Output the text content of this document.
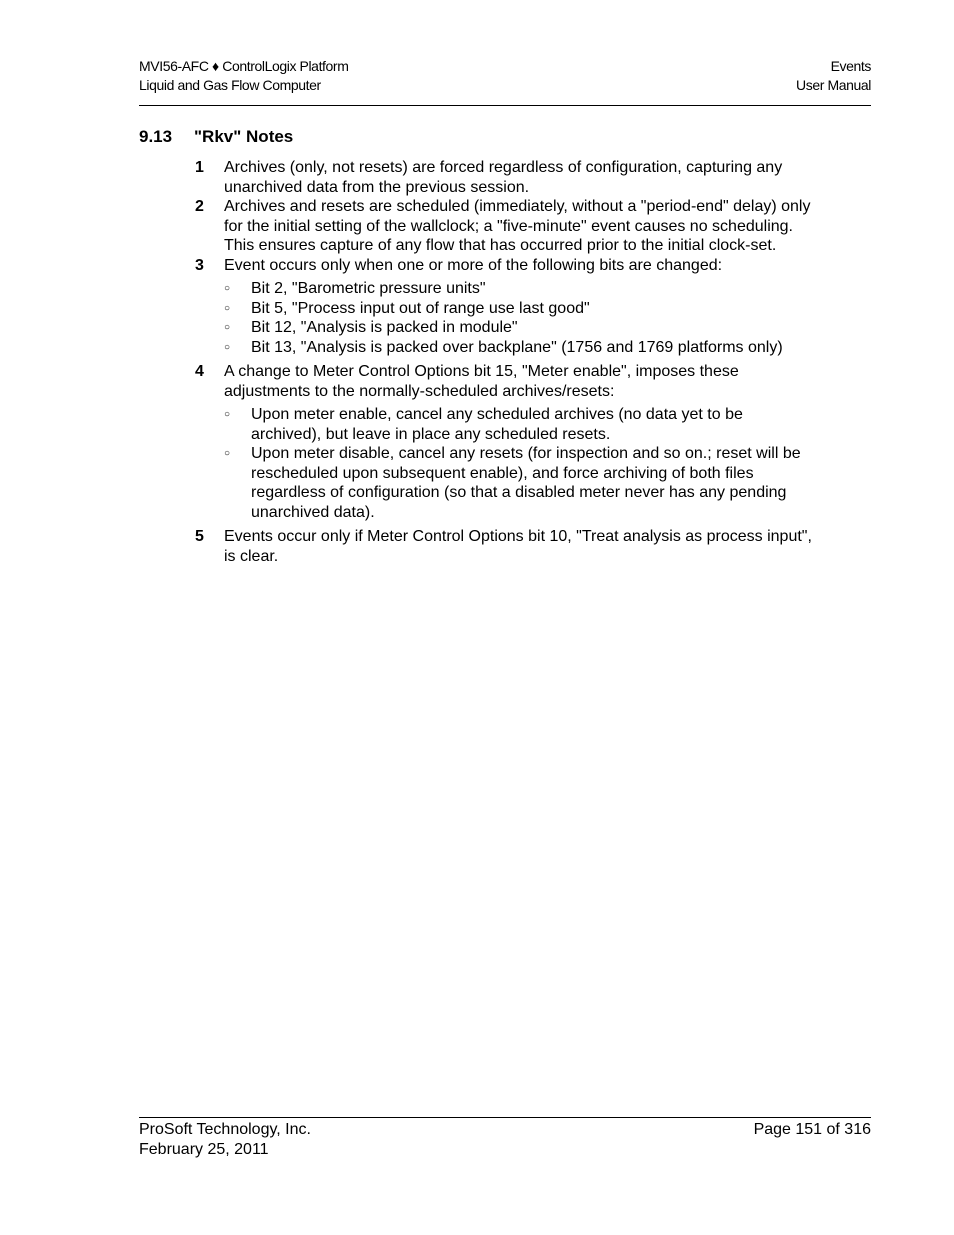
MVI56-AFC ♦ ControlLogix Platform
Liquid and Gas Flow Computer
Events
User Manual
9.13 "Rkv" Notes
1 Archives (only, not resets) are forced regardless of configuration, capturing any unarchived data from the previous session.
2 Archives and resets are scheduled (immediately, without a "period-end" delay) only for the initial setting of the wallclock; a "five-minute" event causes no scheduling. This ensures capture of any flow that has occurred prior to the initial clock-set.
3 Event occurs only when one or more of the following bits are changed:
○ Bit 2, "Barometric pressure units"
○ Bit 5, "Process input out of range use last good"
○ Bit 12, "Analysis is packed in module"
○ Bit 13, "Analysis is packed over backplane" (1756 and 1769 platforms only)
4 A change to Meter Control Options bit 15, "Meter enable", imposes these adjustments to the normally-scheduled archives/resets:
○ Upon meter enable, cancel any scheduled archives (no data yet to be archived), but leave in place any scheduled resets.
○ Upon meter disable, cancel any resets (for inspection and so on.; reset will be rescheduled upon subsequent enable), and force archiving of both files regardless of configuration (so that a disabled meter never has any pending unarchived data).
5 Events occur only if Meter Control Options bit 10, "Treat analysis as process input", is clear.
ProSoft Technology, Inc.
February 25, 2011
Page 151 of 316
